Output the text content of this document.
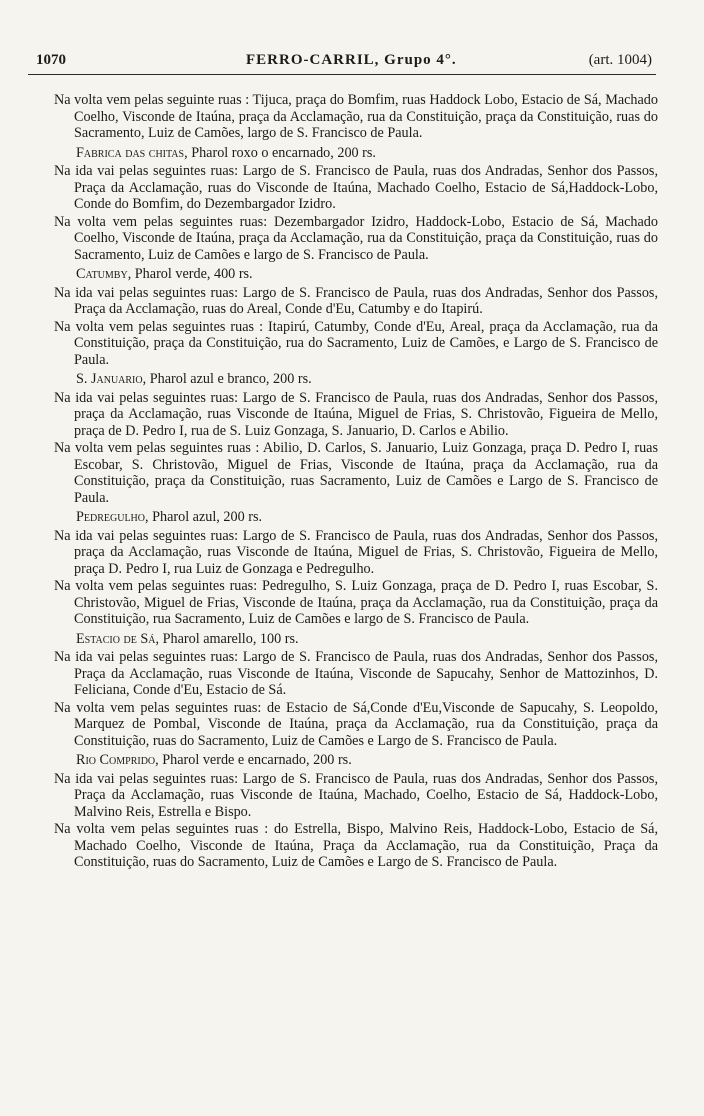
1070	FERRO-CARRIL, Grupo 4°.	(art. 1004)

Na volta vem pelas seguinte ruas : Tijuca, praça do Bomfim, ruas Haddock Lobo, Estacio de Sá, Machado Coelho, Visconde de Itaúna, praça da Acclamação, rua da Constituição, praça da Constituição, ruas do Sacramento, Luiz de Camões, largo de S. Francisco de Paula.

Fabrica das chitas, Pharol roxo o encarnado, 200 rs.

Na ida vai pelas seguintes ruas: Largo de S. Francisco de Paula, ruas dos Andradas, Senhor dos Passos, Praça da Acclamação, ruas do Visconde de Itaúna, Machado Coelho, Estacio de Sá,Haddock-Lobo, Conde do Bomfim, do Dezembargador Izidro.

Na volta vem pelas seguintes ruas: Dezembargador Izidro, Haddock-Lobo, Estacio de Sá, Machado Coelho, Visconde de Itaúna, praça da Acclamação, rua da Constituição, praça da Constituição, ruas do Sacramento, Luiz de Camões e largo de S. Francisco de Paula.

Catumby, Pharol verde, 400 rs.

Na ida vai pelas seguintes ruas: Largo de S. Francisco de Paula, ruas dos Andradas, Senhor dos Passos, Praça da Acclamação, ruas do Areal, Conde d'Eu, Catumby e do Itapirú.

Na volta vem pelas seguintes ruas : Itapirú, Catumby, Conde d'Eu, Areal, praça da Acclamação, rua da Constituição, praça da Constituição, rua do Sacramento, Luiz de Camões, e Largo de S. Francisco de Paula.

S. Januario, Pharol azul e branco, 200 rs.

Na ida vai pelas seguintes ruas: Largo de S. Francisco de Paula, ruas dos Andradas, Senhor dos Passos, praça da Acclamação, ruas Visconde de Itaúna, Miguel de Frias, S. Christovão, Figueira de Mello, praça de D. Pedro I, rua de S. Luiz Gonzaga, S. Januario, D. Carlos e Abilio.

Na volta vem pelas seguintes ruas : Abilio, D. Carlos, S. Januario, Luiz Gonzaga, praça D. Pedro I, ruas Escobar, S. Christovão, Miguel de Frias, Visconde de Itaúna, praça da Acclamação, rua da Constituição, praça da Constituição, ruas Sacramento, Luiz de Camões e Largo de S. Francisco de Paula.

Pedregulho, Pharol azul, 200 rs.

Na ida vai pelas seguintes ruas: Largo de S. Francisco de Paula, ruas dos Andradas, Senhor dos Passos, praça da Acclamação, ruas Visconde de Itaúna, Miguel de Frias, S. Christovão, Figueira de Mello, praça D. Pedro I, rua Luiz de Gonzaga e Pedregulho.

Na volta vem pelas seguintes ruas: Pedregulho, S. Luiz Gonzaga, praça de D. Pedro I, ruas Escobar, S. Christovão, Miguel de Frias, Visconde de Itaúna, praça da Acclamação, rua da Constituição, praça da Constituição, rua Sacramento, Luiz de Camões e largo de S. Francisco de Paula.

Estacio de Sá, Pharol amarello, 100 rs.

Na ida vai pelas seguintes ruas: Largo de S. Francisco de Paula, ruas dos Andradas, Senhor dos Passos, Praça da Acclamação, ruas Visconde de Itaúna, Visconde de Sapucahy, Senhor de Mattozinhos, D. Feliciana, Conde d'Eu, Estacio de Sá.

Na volta vem pelas seguintes ruas: de Estacio de Sá,Conde d'Eu,Visconde de Sapucahy, S. Leopoldo, Marquez de Pombal, Visconde de Itaúna, praça da Acclamação, rua da Constituição, praça da Constituição, ruas do Sacramento, Luiz de Camões e Largo de S. Francisco de Paula.

Rio Comprido, Pharol verde e encarnado, 200 rs.

Na ida vai pelas seguintes ruas: Largo de S. Francisco de Paula, ruas dos Andradas, Senhor dos Passos, Praça da Acclamação, ruas Visconde de Itaúna, Machado, Coelho, Estacio de Sá, Haddock-Lobo, Malvino Reis, Estrella e Bispo.

Na volta vem pelas seguintes ruas : do Estrella, Bispo, Malvino Reis, Haddock-Lobo, Estacio de Sá, Machado Coelho, Visconde de Itaúna, Praça da Acclamação, rua da Constituição, Praça da Constituição, ruas do Sacramento, Luiz de Camões e Largo de S. Francisco de Paula.
